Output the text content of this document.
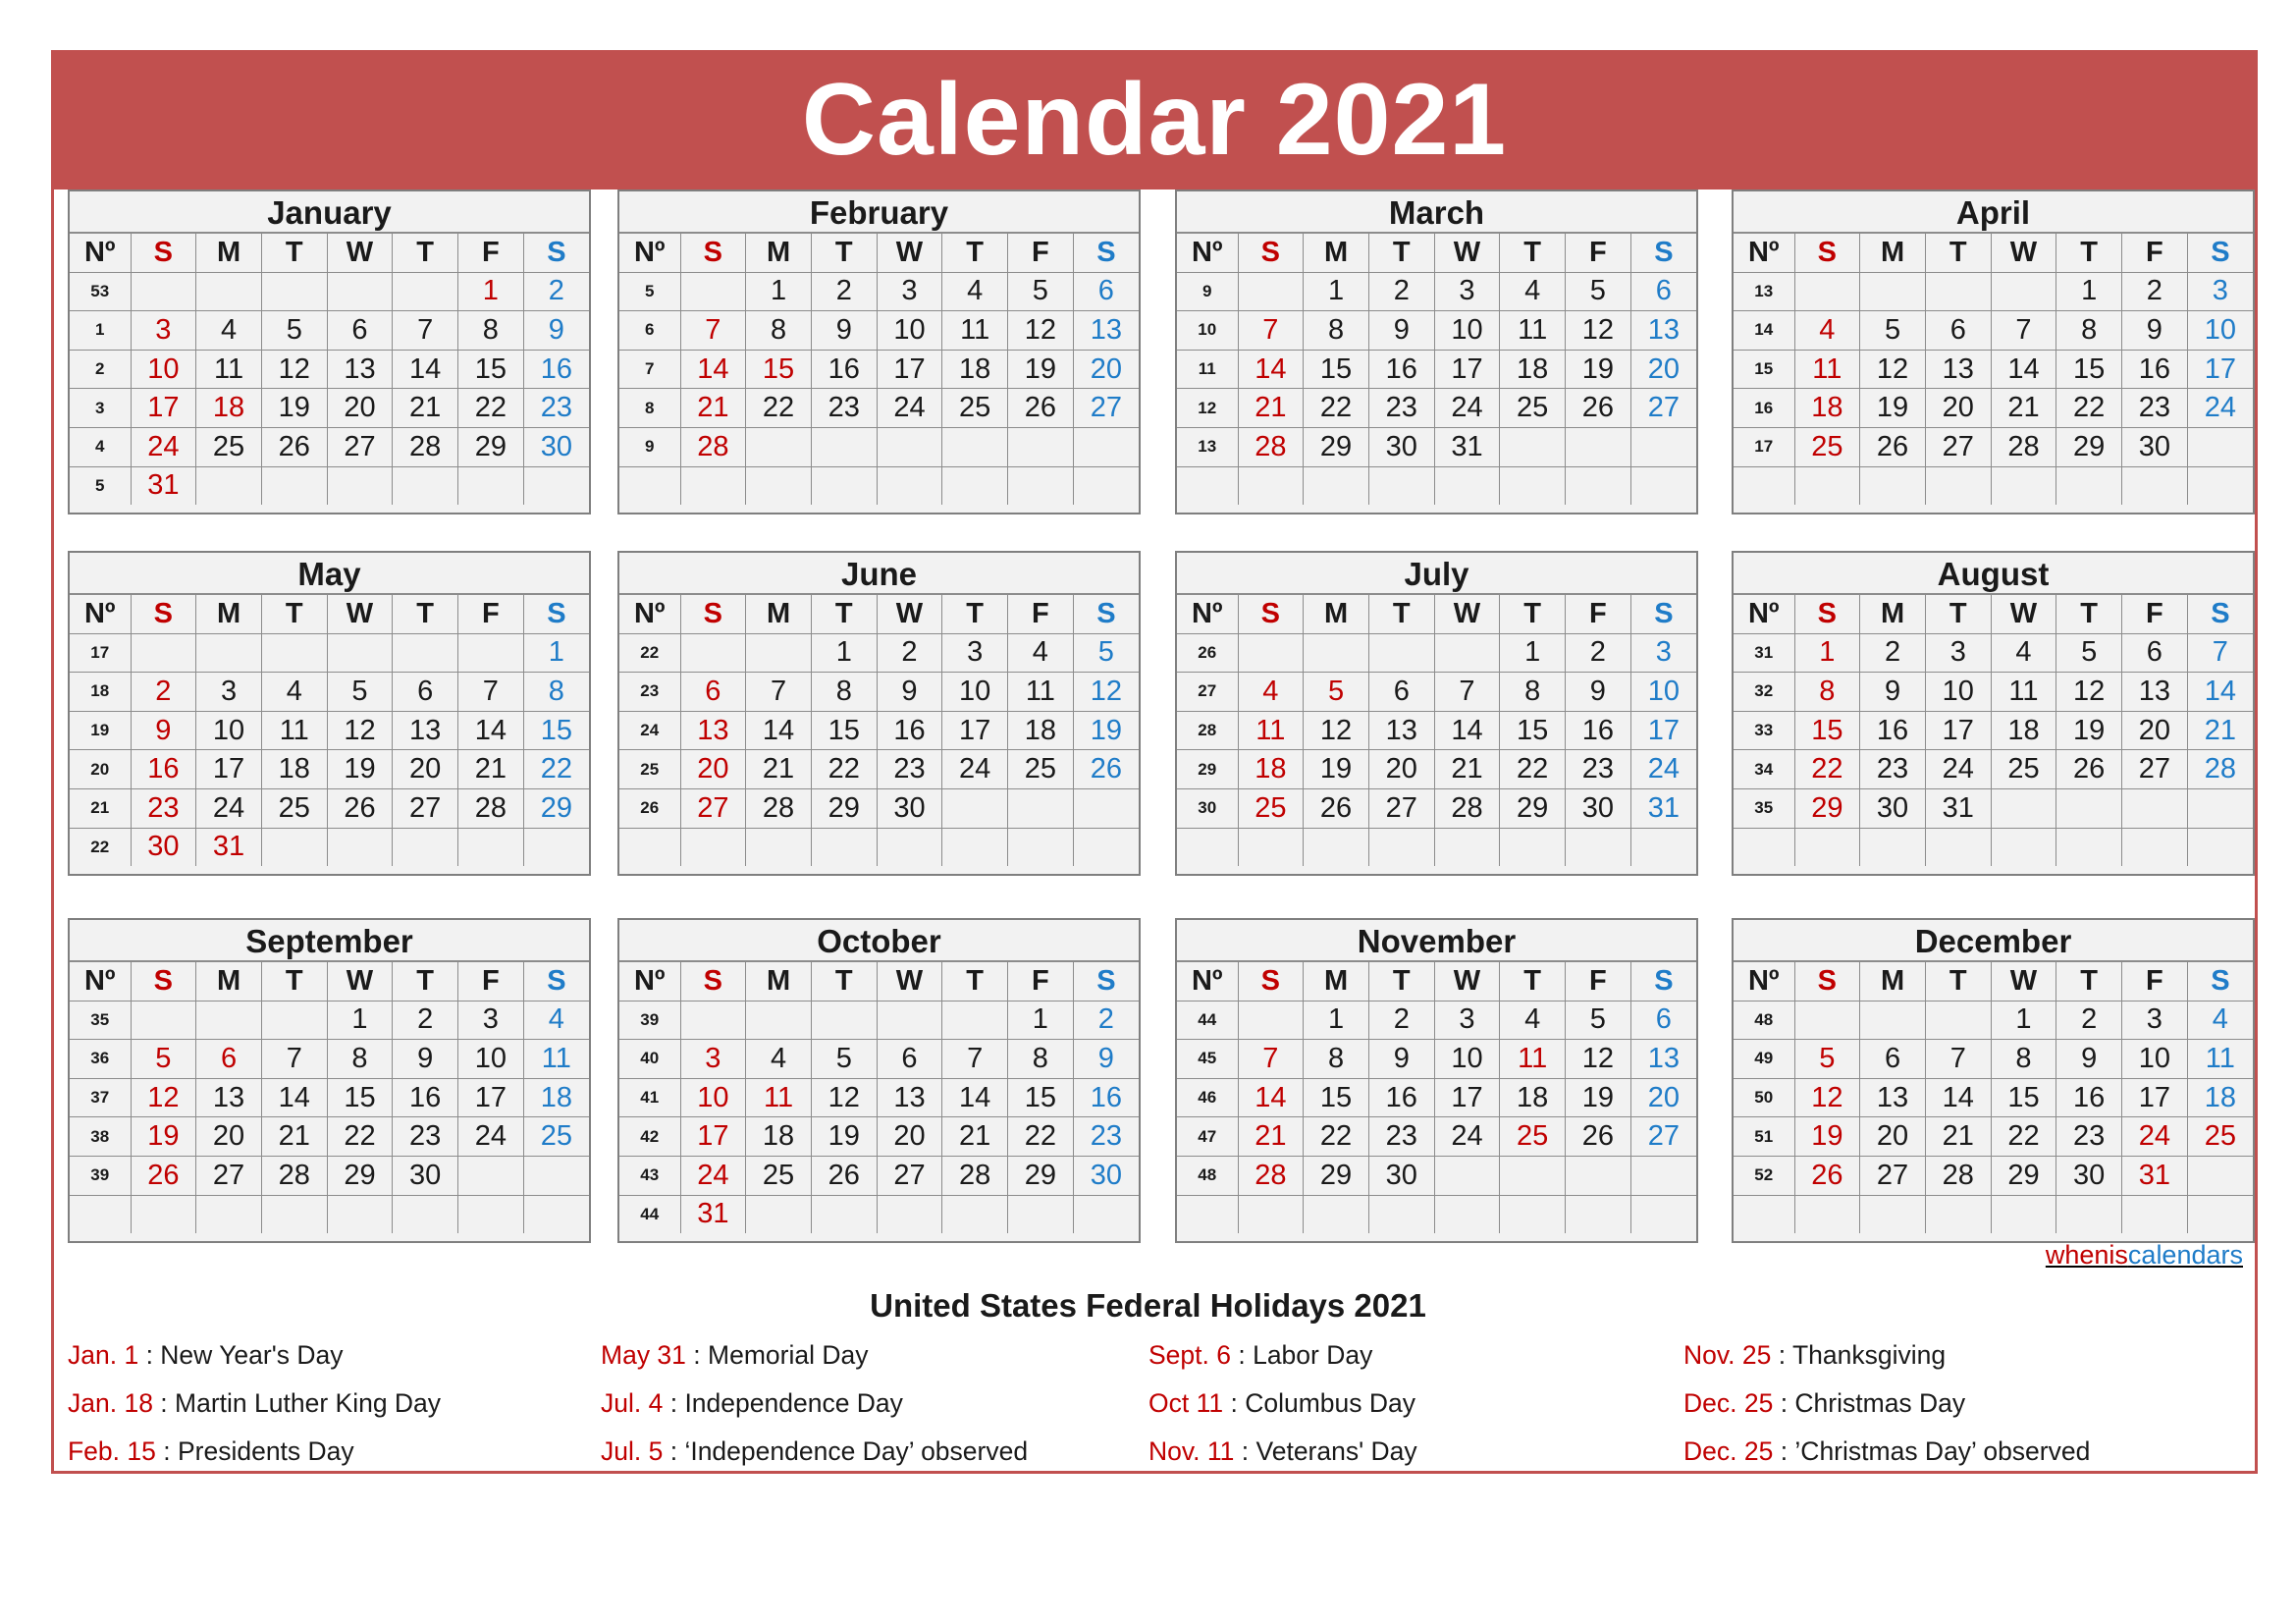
Calendar 2021
January
Nº	S	M	T	W	T	F	S
53						1	2
1	3	4	5	6	7	8	9
2	10	11	12	13	14	15	16
3	17	18	19	20	21	22	23
4	24	25	26	27	28	29	30
5	31						
February
Nº	S	M	T	W	T	F	S
5		1	2	3	4	5	6
6	7	8	9	10	11	12	13
7	14	15	16	17	18	19	20
8	21	22	23	24	25	26	27
9	28						

March
Nº	S	M	T	W	T	F	S
9		1	2	3	4	5	6
10	7	8	9	10	11	12	13
11	14	15	16	17	18	19	20
12	21	22	23	24	25	26	27
13	28	29	30	31			

April
Nº	S	M	T	W	T	F	S
13					1	2	3
14	4	5	6	7	8	9	10
15	11	12	13	14	15	16	17
16	18	19	20	21	22	23	24
17	25	26	27	28	29	30	

May
Nº	S	M	T	W	T	F	S
17							1
18	2	3	4	5	6	7	8
19	9	10	11	12	13	14	15
20	16	17	18	19	20	21	22
21	23	24	25	26	27	28	29
22	30	31					
June
Nº	S	M	T	W	T	F	S
22			1	2	3	4	5
23	6	7	8	9	10	11	12
24	13	14	15	16	17	18	19
25	20	21	22	23	24	25	26
26	27	28	29	30			

July
Nº	S	M	T	W	T	F	S
26					1	2	3
27	4	5	6	7	8	9	10
28	11	12	13	14	15	16	17
29	18	19	20	21	22	23	24
30	25	26	27	28	29	30	31

August
Nº	S	M	T	W	T	F	S
31	1	2	3	4	5	6	7
32	8	9	10	11	12	13	14
33	15	16	17	18	19	20	21
34	22	23	24	25	26	27	28
35	29	30	31				

September
Nº	S	M	T	W	T	F	S
35				1	2	3	4
36	5	6	7	8	9	10	11
37	12	13	14	15	16	17	18
38	19	20	21	22	23	24	25
39	26	27	28	29	30		

October
Nº	S	M	T	W	T	F	S
39						1	2
40	3	4	5	6	7	8	9
41	10	11	12	13	14	15	16
42	17	18	19	20	21	22	23
43	24	25	26	27	28	29	30
44	31						
November
Nº	S	M	T	W	T	F	S
44		1	2	3	4	5	6
45	7	8	9	10	11	12	13
46	14	15	16	17	18	19	20
47	21	22	23	24	25	26	27
48	28	29	30				

December
Nº	S	M	T	W	T	F	S
48				1	2	3	4
49	5	6	7	8	9	10	11
50	12	13	14	15	16	17	18
51	19	20	21	22	23	24	25
52	26	27	28	29	30	31	

wheniscalendars
United States Federal Holidays 2021
Jan. 1 : New Year's Day
Jan. 18 : Martin Luther King Day
Feb. 15 : Presidents Day
May 31 : Memorial Day
Jul. 4 : Independence Day
Jul. 5 : ‘Independence Day’ observed
Sept. 6 : Labor Day
Oct 11 : Columbus Day
Nov. 11 : Veterans' Day
Nov. 25 : Thanksgiving
Dec. 25 : Christmas Day
Dec. 25 : ’Christmas Day’ observed
